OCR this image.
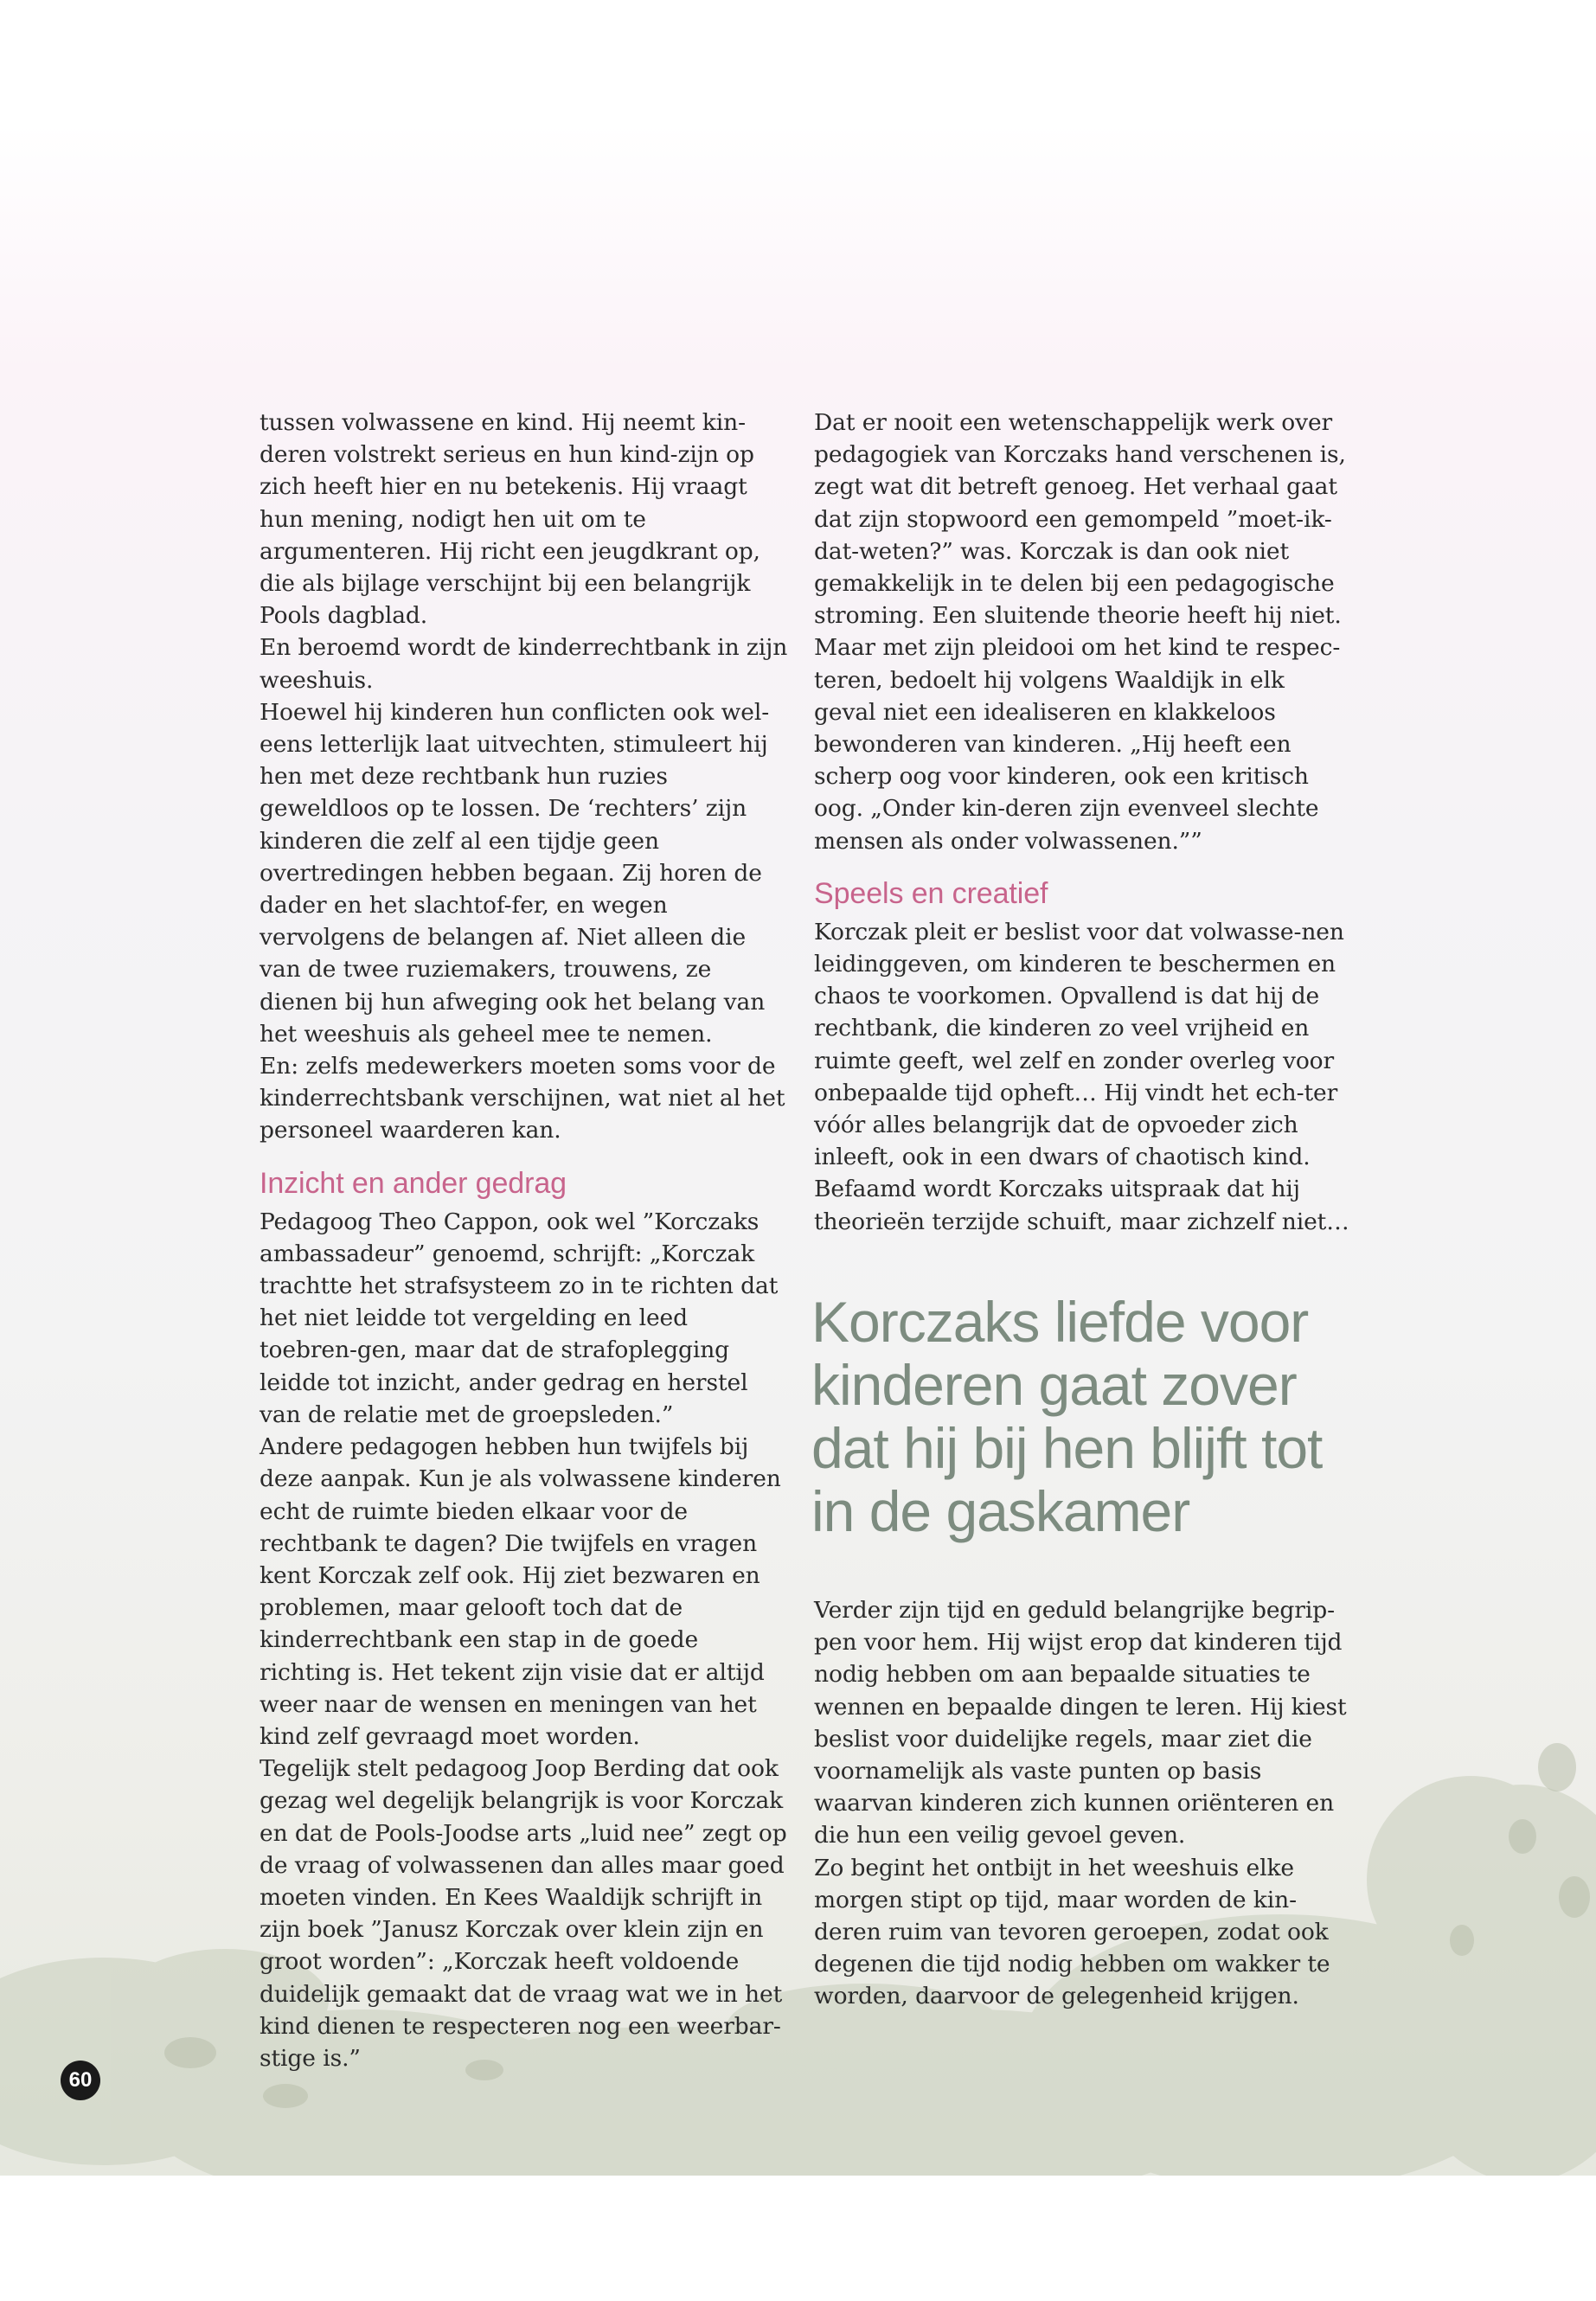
tussen volwassene en kind. Hij neemt kin-deren volstrekt serieus en hun kind-zijn op zich heeft hier en nu betekenis. Hij vraagt hun mening, nodigt hen uit om te argumenteren. Hij richt een jeugdkrant op, die als bijlage verschijnt bij een belangrijk Pools dagblad.

En beroemd wordt de kinderrechtbank in zijn weeshuis.

Hoewel hij kinderen hun conflicten ook wel-eens letterlijk laat uitvechten, stimuleert hij hen met deze rechtbank hun ruzies geweldloos op te lossen. De ‘rechters’ zijn kinderen die zelf al een tijdje geen overtredingen hebben begaan. Zij horen de dader en het slachtof-fer, en wegen vervolgens de belangen af. Niet alleen die van de twee ruziemakers, trouwens, ze dienen bij hun afweging ook het belang van het weeshuis als geheel mee te nemen.

En: zelfs medewerkers moeten soms voor de kinderrechtsbank verschijnen, wat niet al het personeel waarderen kan.

Inzicht en ander gedrag

Pedagoog Theo Cappon, ook wel ”Korczaks ambassadeur” genoemd, schrijft: „Korczak trachtte het strafsysteem zo in te richten dat het niet leidde tot vergelding en leed toebren-gen, maar dat de strafoplegging leidde tot inzicht, ander gedrag en herstel van de relatie met de groepsleden.”

Andere pedagogen hebben hun twijfels bij deze aanpak. Kun je als volwassene kinderen echt de ruimte bieden elkaar voor de rechtbank te dagen? Die twijfels en vragen kent Korczak zelf ook. Hij ziet bezwaren en problemen, maar gelooft toch dat de kinderrechtbank een stap in de goede richting is. Het tekent zijn visie dat er altijd weer naar de wensen en meningen van het kind zelf gevraagd moet worden.

Tegelijk stelt pedagoog Joop Berding dat ook gezag wel degelijk belangrijk is voor Korczak en dat de Pools-Joodse arts „luid nee” zegt op de vraag of volwassenen dan alles maar goed moeten vinden. En Kees Waaldijk schrijft in zijn boek ”Janusz Korczak over klein zijn en groot worden”: „Korczak heeft voldoende duidelijk gemaakt dat de vraag wat we in het kind dienen te respecteren nog een weerbar-stige is.”

Dat er nooit een wetenschappelijk werk over pedagogiek van Korczaks hand verschenen is, zegt wat dit betreft genoeg. Het verhaal gaat dat zijn stopwoord een gemompeld ”moet-ik-dat-weten?” was. Korczak is dan ook niet gemakkelijk in te delen bij een pedagogische stroming. Een sluitende theorie heeft hij niet. Maar met zijn pleidooi om het kind te respec-teren, bedoelt hij volgens Waaldijk in elk geval niet een idealiseren en klakkeloos bewonderen van kinderen. „Hij heeft een scherp oog voor kinderen, ook een kritisch oog. „Onder kin-deren zijn evenveel slechte mensen als onder volwassenen.””

Speels en creatief

Korczak pleit er beslist voor dat volwasse-nen leidinggeven, om kinderen te beschermen en chaos te voorkomen. Opvallend is dat hij de rechtbank, die kinderen zo veel vrijheid en ruimte geeft, wel zelf en zonder overleg voor onbepaalde tijd opheft… Hij vindt het ech-ter vóór alles belangrijk dat de opvoeder zich inleeft, ook in een dwars of chaotisch kind. Befaamd wordt Korczaks uitspraak dat hij theorieën terzijde schuift, maar zichzelf niet…

Korczaks liefde voor kinderen gaat zover dat hij bij hen blijft tot in de gaskamer

Verder zijn tijd en geduld belangrijke begrip-pen voor hem. Hij wijst erop dat kinderen tijd nodig hebben om aan bepaalde situaties te wennen en bepaalde dingen te leren. Hij kiest beslist voor duidelijke regels, maar ziet die voornamelijk als vaste punten op basis waarvan kinderen zich kunnen oriënteren en die hun een veilig gevoel geven.

Zo begint het ontbijt in het weeshuis elke morgen stipt op tijd, maar worden de kin-deren ruim van tevoren geroepen, zodat ook degenen die tijd nodig hebben om wakker te worden, daarvoor de gelegenheid krijgen.

60
